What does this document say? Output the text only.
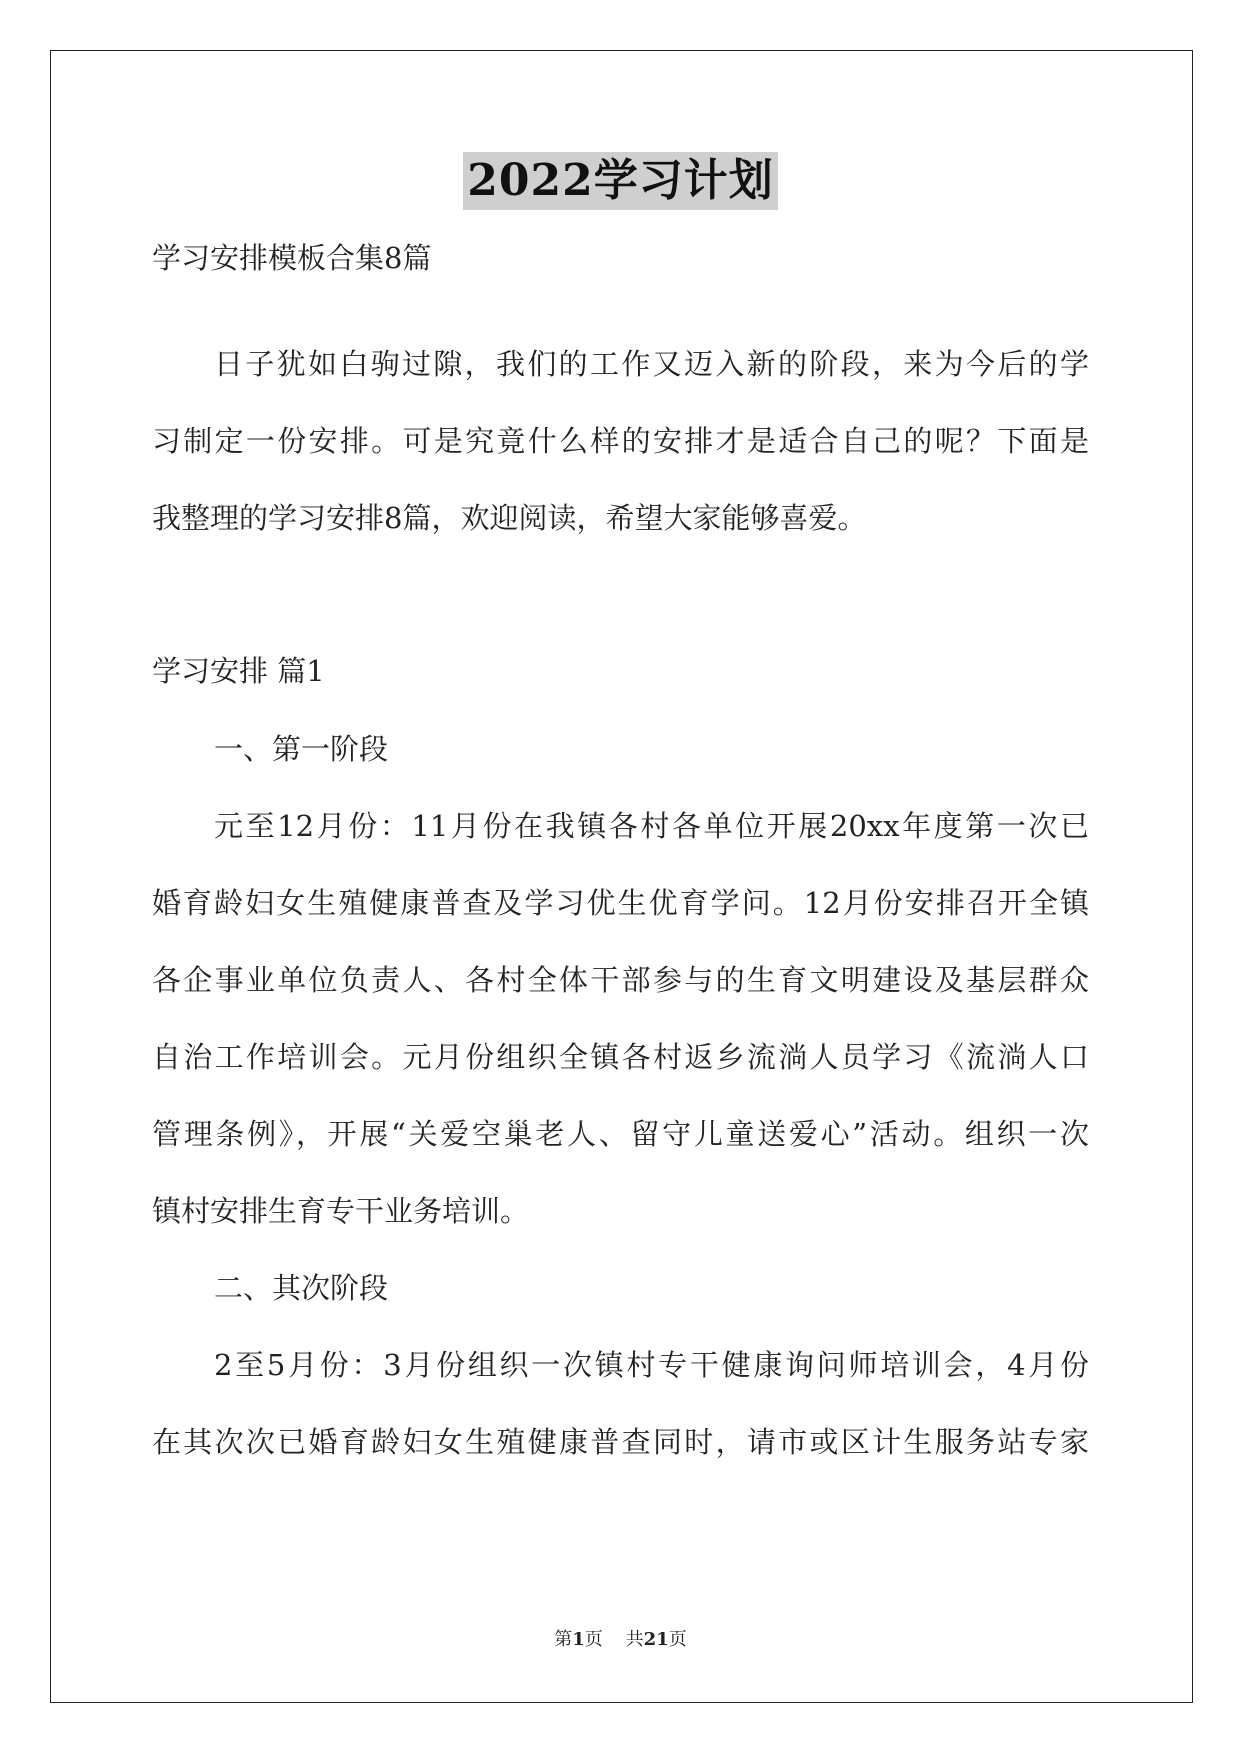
2022学习计划
学习安排模板合集8篇
日子犹如白驹过隙，我们的工作又迈入新的阶段，来为今后的学
习制定一份安排。可是究竟什么样的安排才是适合自己的呢？下面是
我整理的学习安排8篇，欢迎阅读，希望大家能够喜爱。
学习安排 篇1
一、第一阶段
元至12月份：11月份在我镇各村各单位开展20xx年度第一次已
婚育龄妇女生殖健康普查及学习优生优育学问。12月份安排召开全镇
各企事业单位负责人、各村全体干部参与的生育文明建设及基层群众
自治工作培训会。元月份组织全镇各村返乡流淌人员学习《流淌人口
管理条例》，开展“关爱空巢老人、留守儿童送爱心”活动。组织一次
镇村安排生育专干业务培训。
二、其次阶段
2至5月份：3月份组织一次镇村专干健康询问师培训会，4月份
在其次次已婚育龄妇女生殖健康普查同时，请市或区计生服务站专家
第1页 共21页
